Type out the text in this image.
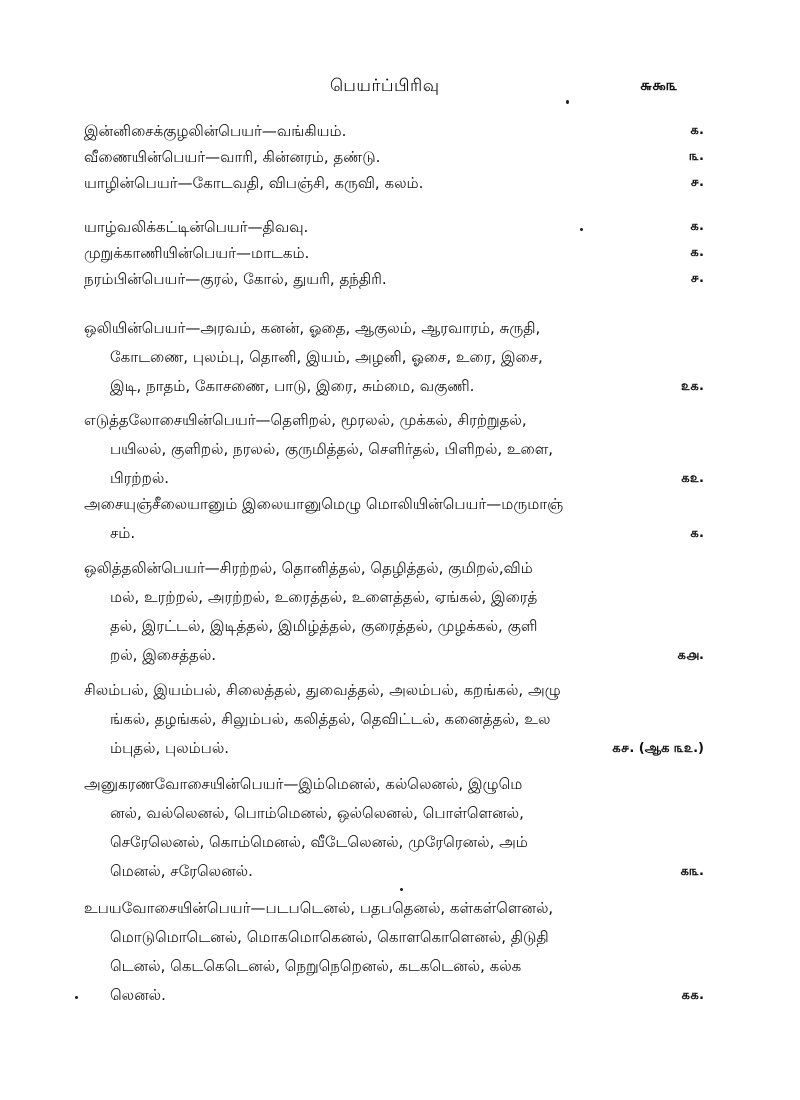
பெயர்ப்பிரிவு	௬௯௩
இன்னிசைக்குழலின்பெயர்—வங்கியம்.	௧.
வீணையின்பெயர்—வாரி, கின்னரம், தண்டு.	௩.
யாழின்பெயர்—கோடவதி, விபஞ்சி, கருவி, கலம்.	௪.
யாழ்வலிக்கட்டின்பெயர்—திவவு.	௧.
முறுக்காணியின்பெயர்—மாடகம்.	௧.
நரம்பின்பெயர்—குரல், கோல், துயரி, தந்திரி.	௪.
ஒலியின்பெயர்—அரவம், கனன், ஓதை, ஆகுலம், ஆரவாரம், சுருதி,
கோடணை, புலம்பு, தொனி, இயம், அழனி, ஓசை, உரை, இசை,
இடி, நாதம், கோசணை, பாடு, இரை, சும்மை, வகுணி.	௨௧.
எடுத்தலோசையின்பெயர்—தெளிறல், மூரலல், முக்கல், சிரற்றுதல்,
பயிலல், குளிறல், நரலல், குருமித்தல், செளிர்தல், பிளிறல், உளை,
பிரற்றல்.	௧௨.
அசையுஞ்சீலையானும் இலையானுமெழு மொலியின்பெயர்—மருமாஞ்
சம்.	௧.
ஒலித்தலின்பெயர்—சிரற்றல், தொனித்தல், தெழித்தல், குமிறல்,விம்
மல், உரற்றல், அரற்றல், உரைத்தல், உளைத்தல், ஏங்கல், இரைத்
தல், இரட்டல், இடித்தல், இமிழ்த்தல், குரைத்தல், முழக்கல், குளி
றல், இசைத்தல்.	௧௮.
சிலம்பல், இயம்பல், சிலைத்தல், துவைத்தல், அலம்பல், கறங்கல், அழு
ங்கல், தழங்கல், சிலும்பல், கலித்தல், தெவிட்டல், கனைத்தல், உல
ம்புதல், புலம்பல்.	௧௪. (ஆக ௩௨.)
அனுகரணவோசையின்பெயர்—இம்மெனல், கல்லெனல், இழுமெ
னல், வல்லெனல், பொம்மெனல், ஒல்லெனல், பொள்ளெனல்,
செரேலெனல், கொம்மெனல், வீடேலெனல், முரேரெனல், அம்
மெனல், சரேலெனல்.	௧௩.
உபயவோசையின்பெயர்—படபடெனல், பதபதெனல், கள்கள்ளெனல்,
மொடுமொடெனல், மொகமொகெனல், கொளகொளெனல், திடுதி
டெனல், கெடகெடெனல், நெறுநெறெனல், கடகடெனல், கல்க
லெனல்.	௧௧.
